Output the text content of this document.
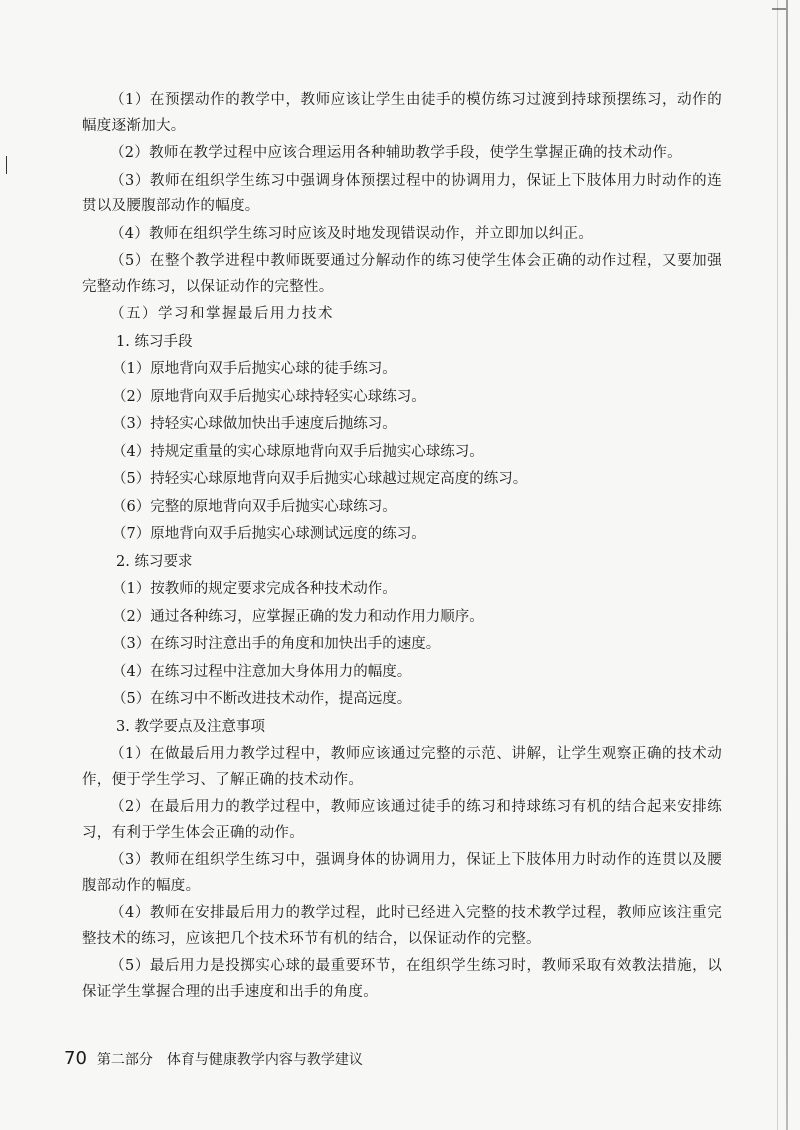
（1）在预摆动作的教学中，教师应该让学生由徒手的模仿练习过渡到持球预摆练习，动作的幅度逐渐加大。

（2）教师在教学过程中应该合理运用各种辅助教学手段，使学生掌握正确的技术动作。

（3）教师在组织学生练习中强调身体预摆过程中的协调用力，保证上下肢体用力时动作的连贯以及腰腹部动作的幅度。

（4）教师在组织学生练习时应该及时地发现错误动作，并立即加以纠正。

（5）在整个教学进程中教师既要通过分解动作的练习使学生体会正确的动作过程，又要加强完整动作练习，以保证动作的完整性。

（五）学习和掌握最后用力技术

1. 练习手段

（1）原地背向双手后抛实心球的徒手练习。

（2）原地背向双手后抛实心球持轻实心球练习。

（3）持轻实心球做加快出手速度后抛练习。

（4）持规定重量的实心球原地背向双手后抛实心球练习。

（5）持轻实心球原地背向双手后抛实心球越过规定高度的练习。

（6）完整的原地背向双手后抛实心球练习。

（7）原地背向双手后抛实心球测试远度的练习。

2. 练习要求

（1）按教师的规定要求完成各种技术动作。

（2）通过各种练习，应掌握正确的发力和动作用力顺序。

（3）在练习时注意出手的角度和加快出手的速度。

（4）在练习过程中注意加大身体用力的幅度。

（5）在练习中不断改进技术动作，提高远度。

3. 教学要点及注意事项

（1）在做最后用力教学过程中，教师应该通过完整的示范、讲解，让学生观察正确的技术动作，便于学生学习、了解正确的技术动作。

（2）在最后用力的教学过程中，教师应该通过徒手的练习和持球练习有机的结合起来安排练习，有利于学生体会正确的动作。

（3）教师在组织学生练习中，强调身体的协调用力，保证上下肢体用力时动作的连贯以及腰腹部动作的幅度。

（4）教师在安排最后用力的教学过程，此时已经进入完整的技术教学过程，教师应该注重完整技术的练习，应该把几个技术环节有机的结合，以保证动作的完整。

（5）最后用力是投掷实心球的最重要环节，在组织学生练习时，教师采取有效教法措施，以保证学生掌握合理的出手速度和出手的角度。

70 第二部分　体育与健康教学内容与教学建议
